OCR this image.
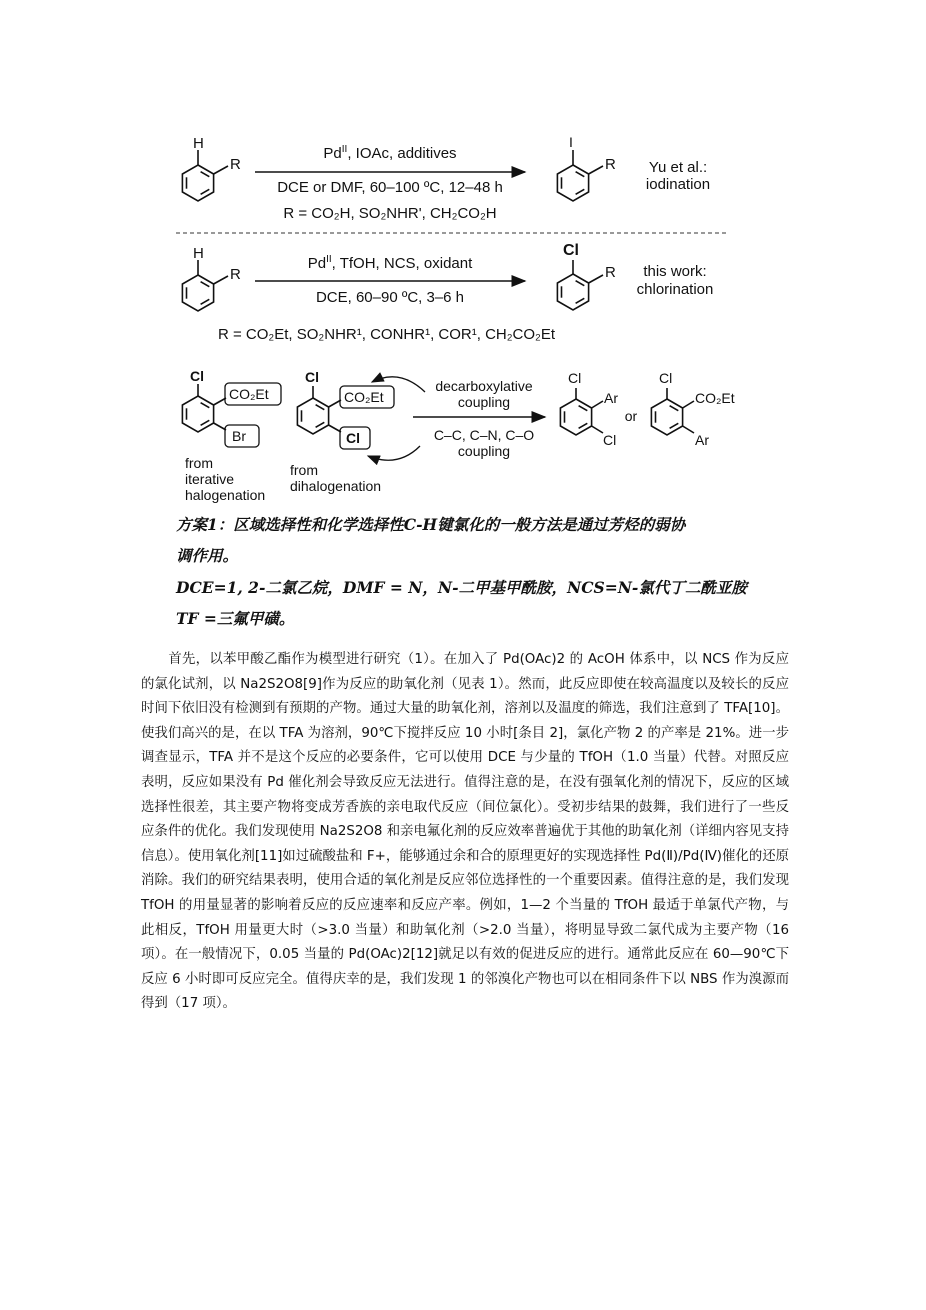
H
R
$Pd^{II}$, IOAc, additives
DCE or DMF, 60–100 ºC, 12–48 h
R = CO₂H, SO₂NHR', CH₂CO₂H
I
R Yu et al.:
iodination
H
R
$Pd^{II}$, TfOH, NCS, oxidant
DCE, 60–90 ºC, 3–6 h
Cl
R this work:
chlorination
R = CO₂Et, SO₂NHR¹, CONHR¹, COR¹, CH₂CO₂Et
Cl
CO₂Et
Br
from
iterative
halogenation
Cl
CO₂Et
Cl
from
dihalogenation
decarboxylative
coupling
C–C, C–N, C–O
coupling
Cl
Ar
Cl
or
Cl
CO₂Et
Ar
方案1：区域选择性和化学选择性C-H键氯化的一般方法是通过芳烃的弱协
调作用。
DCE=1, 2-二氯乙烷，DMF = N，N-二甲基甲酰胺，NCS=N-氯代丁二酰亚胺
TF =三氟甲磺。

　　首先，以苯甲酸乙酯作为模型进行研究（1）。在加入了 Pd(OAc)2 的 AcOH 体系中，以 NCS 作为反应的氯化试剂，以 Na2S2O8[9]作为反应的助氧化剂（见表 1）。然而，此反应即使在较高温度以及较长的反应时间下依旧没有检测到有预期的产物。通过大量的助氧化剂，溶剂以及温度的筛选，我们注意到了 TFA[10]。使我们高兴的是，在以 TFA 为溶剂，90℃下搅拌反应 10 小时[条目 2]，氯化产物 2 的产率是 21%。进一步调查显示，TFA 并不是这个反应的必要条件，它可以使用 DCE 与少量的 TfOH（1.0 当量）代替。对照反应表明，反应如果没有 Pd 催化剂会导致反应无法进行。值得注意的是，在没有强氧化剂的情况下，反应的区域选择性很差，其主要产物将变成芳香族的亲电取代反应（间位氯化）。受初步结果的鼓舞，我们进行了一些反应条件的优化。我们发现使用 Na2S2O8 和亲电氟化剂的反应效率普遍优于其他的助氧化剂（详细内容见支持信息）。使用氧化剂[11]如过硫酸盐和 F+，能够通过余和合的原理更好的实现选择性 Pd(Ⅱ)/Pd(Ⅳ)催化的还原消除。我们的研究结果表明，使用合适的氧化剂是反应邻位选择性的一个重要因素。值得注意的是，我们发现 TfOH 的用量显著的影响着反应的反应速率和反应产率。例如，1—2 个当量的 TfOH 最适于单氯代产物，与此相反，TfOH 用量更大时（>3.0 当量）和助氧化剂（>2.0 当量），将明显导致二氯代成为主要产物（16 项）。在一般情况下，0.05 当量的 Pd(OAc)2[12]就足以有效的促进反应的进行。通常此反应在 60—90℃下反应 6 小时即可反应完全。值得庆幸的是，我们发现 1 的邻溴化产物也可以在相同条件下以 NBS 作为溴源而得到（17 项）。
